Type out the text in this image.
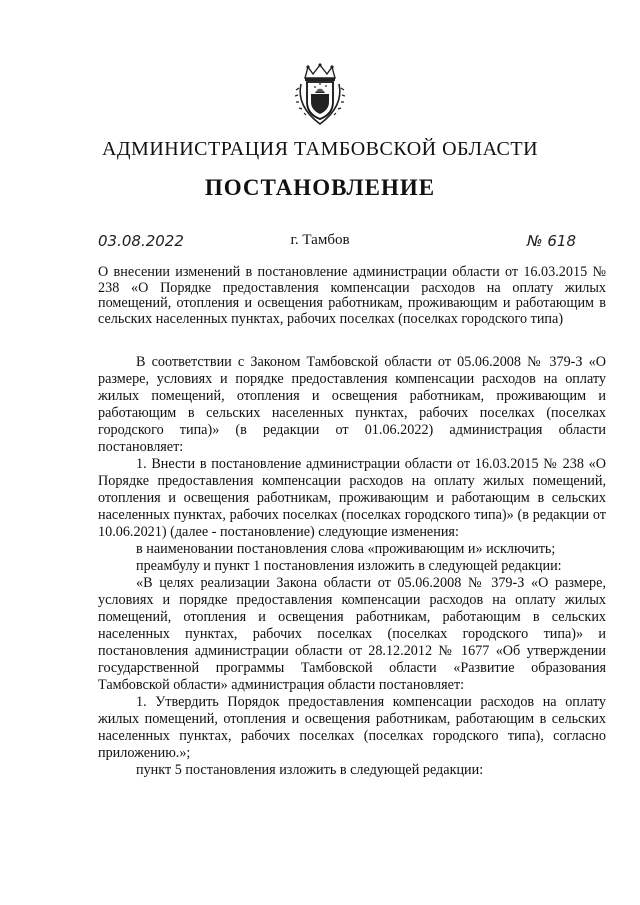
АДМИНИСТРАЦИЯ ТАМБОВСКОЙ ОБЛАСТИ
ПОСТАНОВЛЕНИЕ
03.08.2022	г. Тамбов	№ 618
О внесении изменений в постановление администрации области от 16.03.2015 № 238 «О Порядке предоставления компенсации расходов на оплату жилых помещений, отопления и освещения работникам, проживающим и работающим в сельских населенных пунктах, рабочих поселках (поселках городского типа)

В соответствии с Законом Тамбовской области от 05.06.2008 № 379-З «О размере, условиях и порядке предоставления компенсации расходов на оплату жилых помещений, отопления и освещения работникам, проживающим и работающим в сельских населенных пунктах, рабочих поселках (поселках городского типа)» (в редакции от 01.06.2022) администрация области постановляет:

1. Внести в постановление администрации области от 16.03.2015 № 238 «О Порядке предоставления компенсации расходов на оплату жилых помещений, отопления и освещения работникам, проживающим и работающим в сельских населенных пунктах, рабочих поселках (поселках городского типа)» (в редакции от 10.06.2021) (далее - постановление) следующие изменения:

в наименовании постановления слова «проживающим и» исключить;

преамбулу и пункт 1 постановления изложить в следующей редакции:

«В целях реализации Закона области от 05.06.2008 № 379-З «О размере, условиях и порядке предоставления компенсации расходов на оплату жилых помещений, отопления и освещения работникам, работающим в сельских населенных пунктах, рабочих поселках (поселках городского типа)» и постановления администрации области от 28.12.2012 № 1677 «Об утверждении государственной программы Тамбовской области «Развитие образования Тамбовской области» администрация области постановляет:

1. Утвердить Порядок предоставления компенсации расходов на оплату жилых помещений, отопления и освещения работникам, работающим в сельских населенных пунктах, рабочих поселках (поселках городского типа), согласно приложению.»;

пункт 5 постановления изложить в следующей редакции:
